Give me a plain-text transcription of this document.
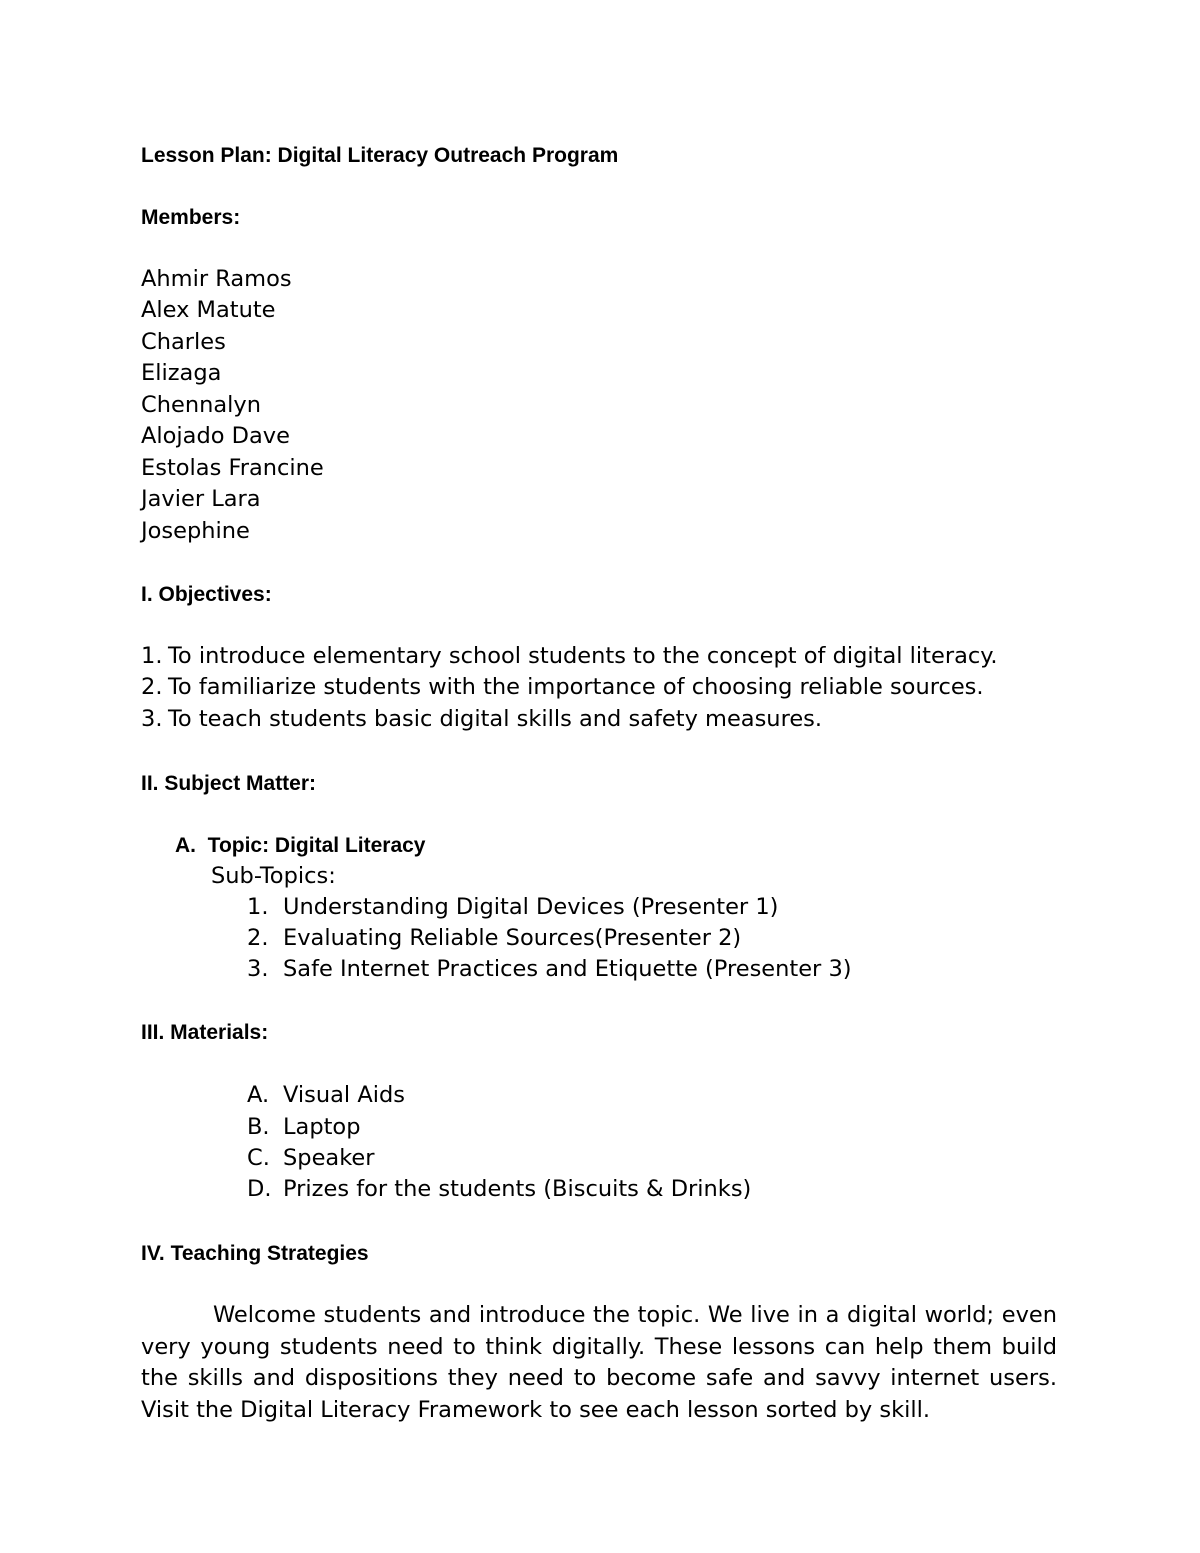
Lesson Plan: Digital Literacy Outreach Program

Members:

Ahmir Ramos

Alex Matute

Charles

Elizaga

Chennalyn

Alojado Dave

Estolas Francine

Javier Lara

Josephine

I. Objectives:

1. To introduce elementary school students to the concept of digital literacy.

2. To familiarize students with the importance of choosing reliable sources.

3. To teach students basic digital skills and safety measures.

II. Subject Matter:

A.  Topic: Digital Literacy

Sub-Topics:

1. Understanding Digital Devices (Presenter 1)

2. Evaluating Reliable Sources(Presenter 2)

3. Safe Internet Practices and Etiquette (Presenter 3)

III. Materials:

A. Visual Aids

B. Laptop

C. Speaker

D. Prizes for the students (Biscuits & Drinks)

IV. Teaching Strategies

Welcome students and introduce the topic. We live in a digital world; even very young students need to think digitally. These lessons can help them build the skills and dispositions they need to become safe and savvy internet users. Visit the Digital Literacy Framework to see each lesson sorted by skill.
